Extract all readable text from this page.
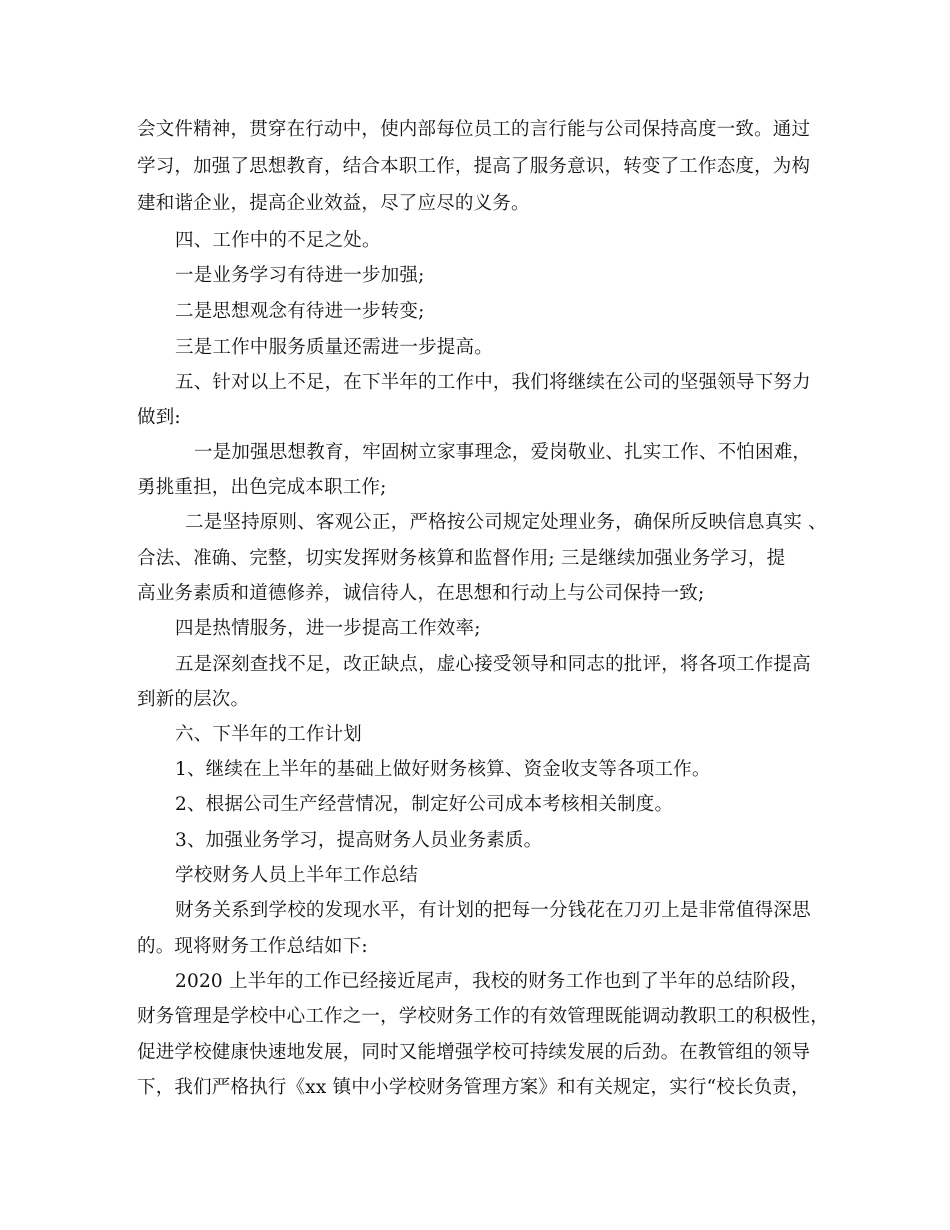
会文件精神，贯穿在行动中，使内部每位员工的言行能与公司保持高度一致。通过
学习，加强了思想教育，结合本职工作，提高了服务意识，转变了工作态度，为构
建和谐企业，提高企业效益，尽了应尽的义务。
四、工作中的不足之处。
一是业务学习有待进一步加强;
二是思想观念有待进一步转变;
三是工作中服务质量还需进一步提高。
五、针对以上不足，在下半年的工作中，我们将继续在公司的坚强领导下努力
做到:
一是加强思想教育，牢固树立家事理念，爱岗敬业、扎实工作、不怕困难，
勇挑重担，出色完成本职工作;
二是坚持原则、客观公正，严格按公司规定处理业务，确保所反映信息真实 、
合法、准确、完整，切实发挥财务核算和监督作用; 三是继续加强业务学习，提
高业务素质和道德修养，诚信待人，在思想和行动上与公司保持一致;
四是热情服务，进一步提高工作效率;
五是深刻查找不足，改正缺点，虚心接受领导和同志的批评，将各项工作提高
到新的层次。
六、下半年的工作计划
1、继续在上半年的基础上做好财务核算、资金收支等各项工作。
2、根据公司生产经营情况，制定好公司成本考核相关制度。
3、加强业务学习，提高财务人员业务素质。
学校财务人员上半年工作总结
财务关系到学校的发现水平，有计划的把每一分钱花在刀刃上是非常值得深思
的。现将财务工作总结如下:
2020 上半年的工作已经接近尾声，我校的财务工作也到了半年的总结阶段，
财务管理是学校中心工作之一，学校财务工作的有效管理既能调动教职工的积极性，
促进学校健康快速地发展，同时又能增强学校可持续发展的后劲。在教管组的领导
下，我们严格执行《xx 镇中小学校财务管理方案》和有关规定，实行“校长负责，
